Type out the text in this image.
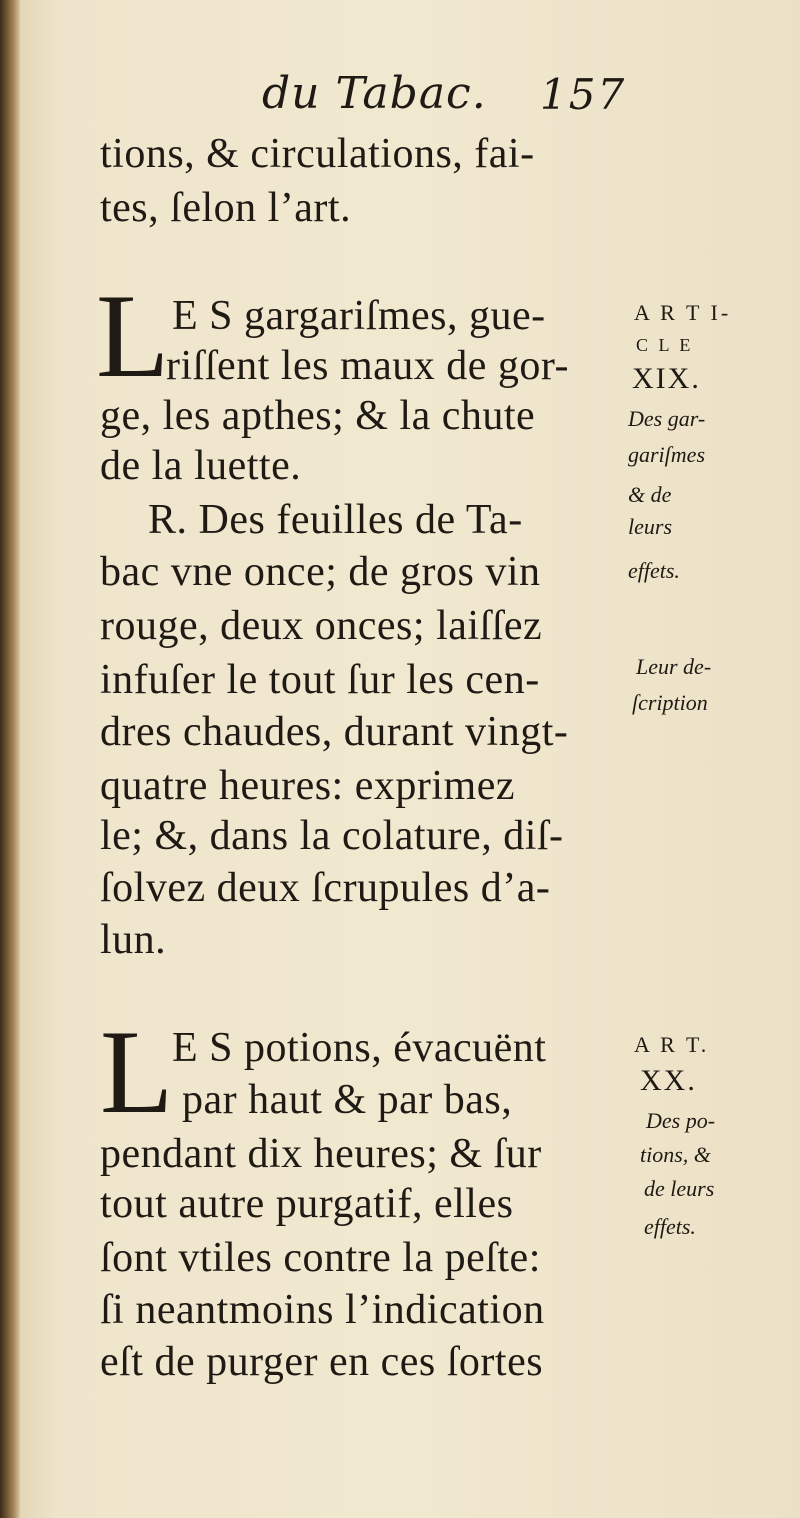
du Tabac. 157
tions, & circulations, fai-
tes, ſelon l’art.
L E S gargariſmes, gue-
riſſent les maux de gor-
ge, les apthes; & la chute
de la luette.
R. Des feuilles de Ta-
bac vne once; de gros vin
rouge, deux onces; laiſſez
infuſer le tout ſur les cen-
dres chaudes, durant vingt-
quatre heures: exprimez
le; &, dans la colature, diſ-
ſolvez deux ſcrupules d’a-
lun.
A R T I-
C L E
XIX.
Des gar-
gariſmes
& de
leurs
effets.
Leur de-
ſcription
L
E S potions, évacuënt
par haut & par bas,
pendant dix heures; & ſur
tout autre purgatif, elles
ſont vtiles contre la peſte:
ſi neantmoins l’indication
eſt de purger en ces ſortes
A R T.
XX.
Des po-
tions, &
de leurs
effets.
